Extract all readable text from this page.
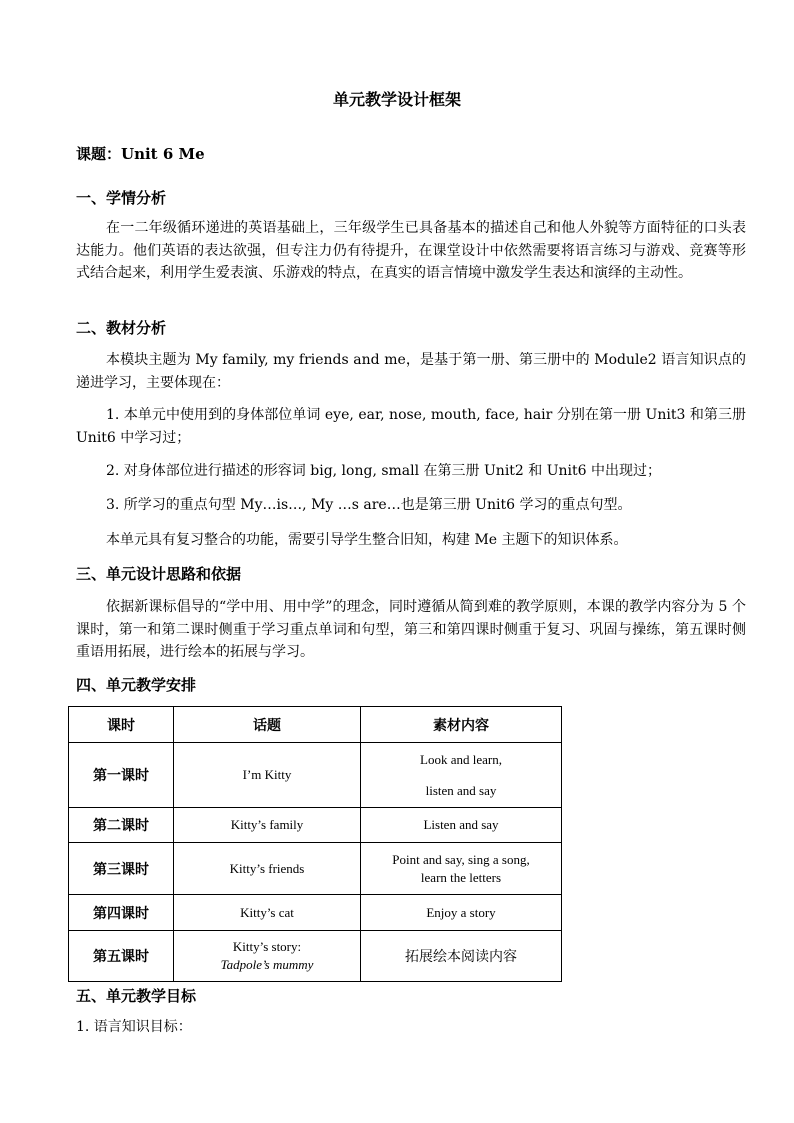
单元教学设计框架
课题：Unit 6 Me
一、学情分析
在一二年级循环递进的英语基础上，三年级学生已具备基本的描述自己和他人外貌等方面特征的口头表达能力。他们英语的表达欲强，但专注力仍有待提升，在课堂设计中依然需要将语言练习与游戏、竞赛等形式结合起来，利用学生爱表演、乐游戏的特点，在真实的语言情境中激发学生表达和演绎的主动性。
二、教材分析
本模块主题为 My family, my friends and me，是基于第一册、第三册中的 Module2 语言知识点的递进学习，主要体现在：
1. 本单元中使用到的身体部位单词 eye, ear, nose, mouth, face, hair 分别在第一册 Unit3 和第三册 Unit6 中学习过；
2. 对身体部位进行描述的形容词 big, long, small 在第三册 Unit2 和 Unit6 中出现过；
3. 所学习的重点句型 My…is…, My …s are…也是第三册 Unit6 学习的重点句型。
本单元具有复习整合的功能，需要引导学生整合旧知，构建 Me 主题下的知识体系。
三、单元设计思路和依据
依据新课标倡导的“学中用、用中学”的理念，同时遵循从简到难的教学原则，本课的教学内容分为 5 个课时，第一和第二课时侧重于学习重点单词和句型，第三和第四课时侧重于复习、巩固与操练，第五课时侧重语用拓展，进行绘本的拓展与学习。
四、单元教学安排
课时	话题	素材内容
第一课时	I’m Kitty	Look and learn,
listen and say

第二课时	Kitty’s family	Listen and say
第三课时	Kitty’s friends	Point and say, sing a song,
learn the letters

第四课时	Kitty’s cat	Enjoy a story
第五课时	Kitty’s story:
Tadpole’s mummy	拓展绘本阅读内容
五、单元教学目标
1. 语言知识目标：
